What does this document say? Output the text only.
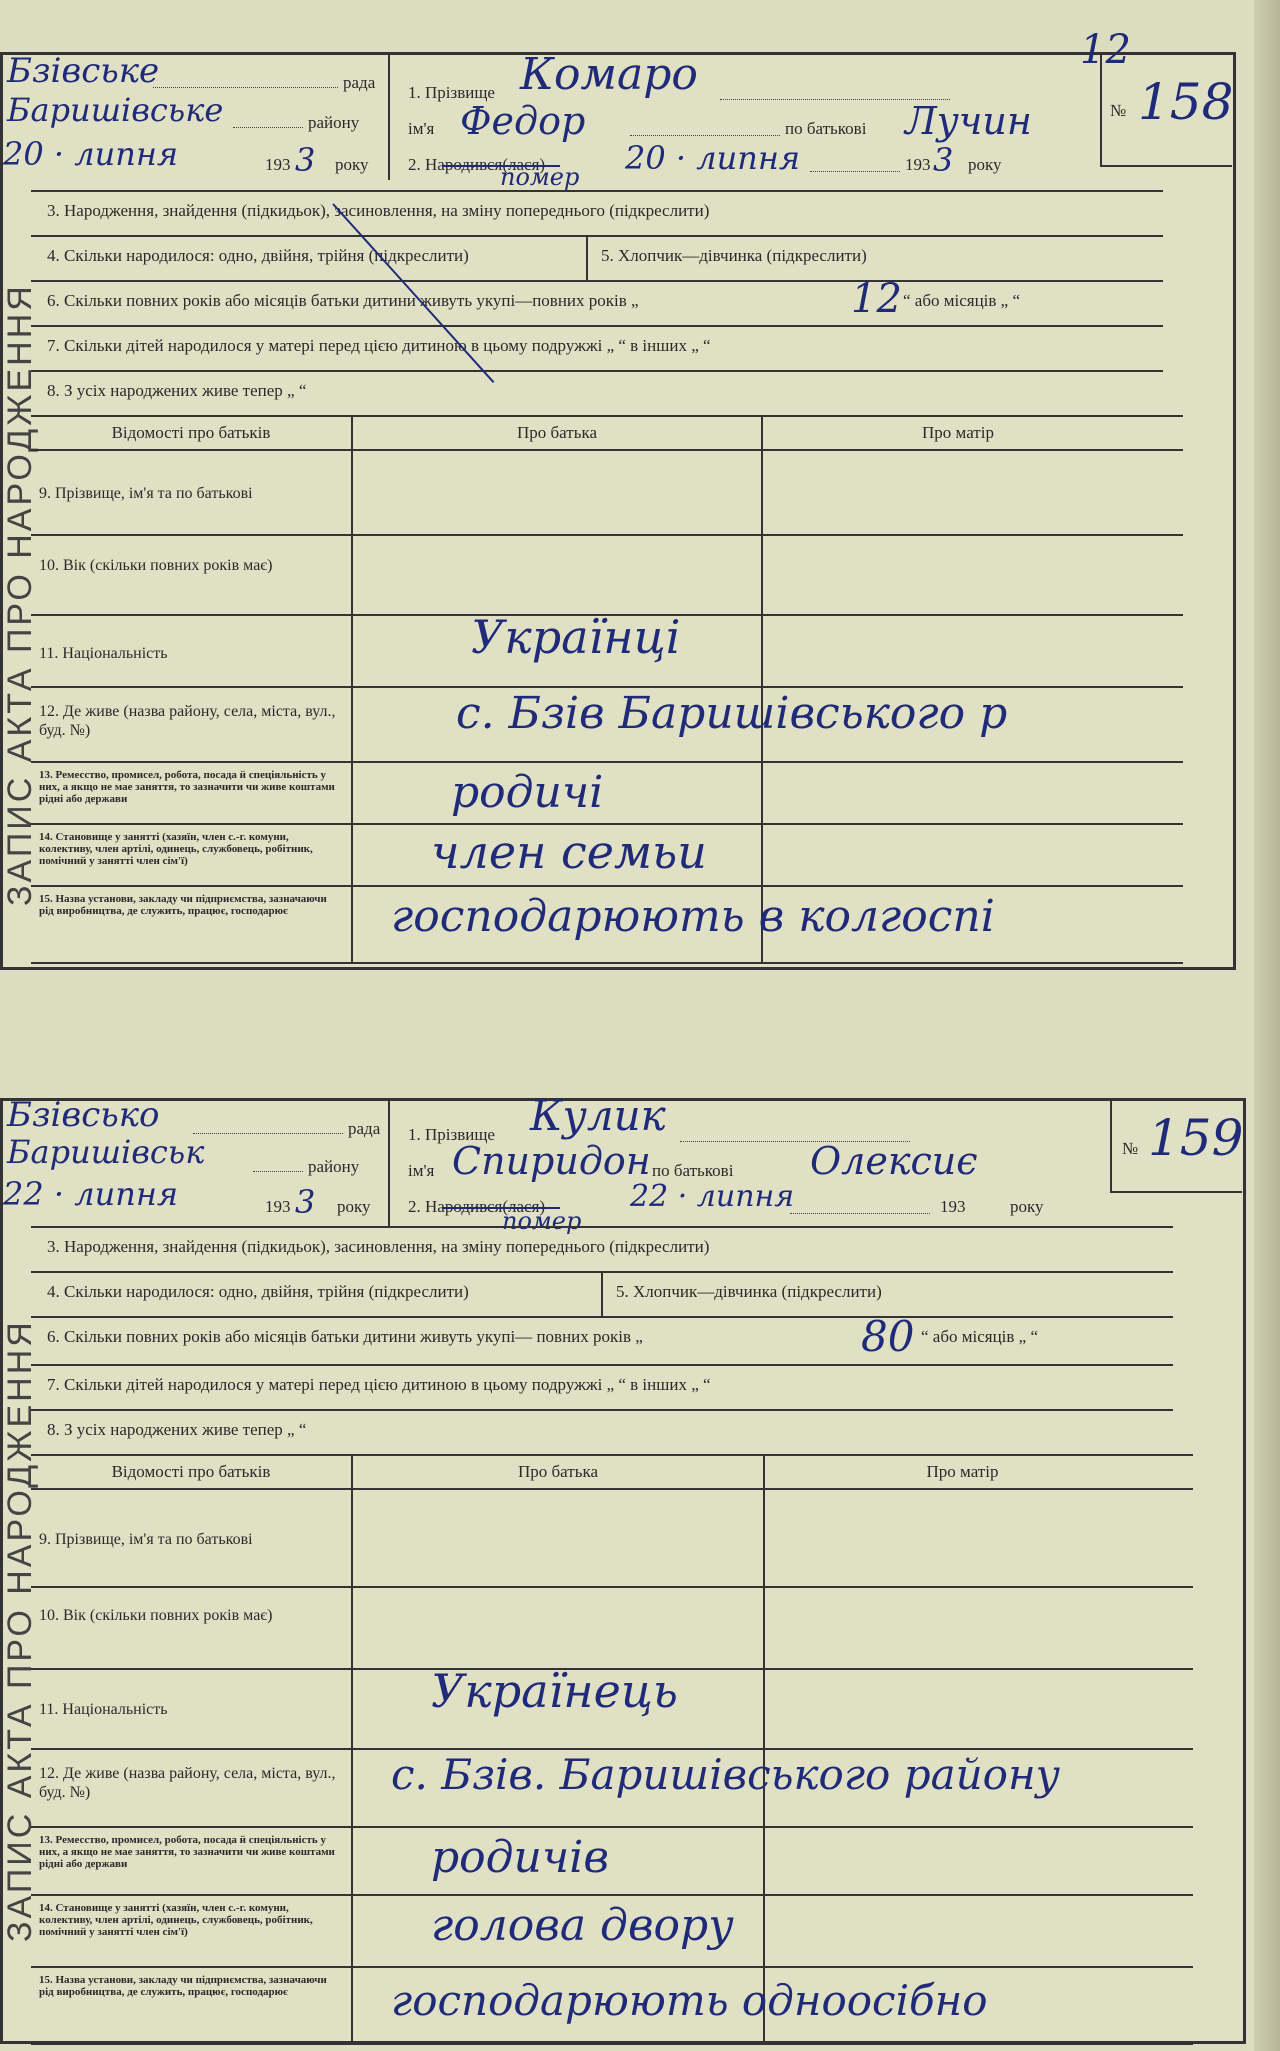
ЗАПИС АКТА ПРО НАРОДЖЕННЯ
Бзівське	рада
Баришівське	району
20 · липня	193 3 року
1. Прізвище Комаро
ім'я Федор	по батькові Лучин
2. Народився(лася)
помер 20 · липня	193 3 року
№ 158
12
3. Народження, знайдення (підкидьок), засиновлення, на зміну попереднього (підкреслити)
4. Скільки народилося: одно, двійня, трійня (підкреслити)	5. Хлопчик—дівчинка (підкреслити)
6. Скільки повних років або місяців батьки дитини живуть укупі—повних років „	12 “ або місяців „ “
7. Скільки дітей народилося у матері перед цією дитиною в цьому подружжі „ “ в інших „ “
8. З усіх народжених живе тепер „ “
Відомості про батьків	Про батька	Про матір
9. Прізвище, ім'я та по батькові
10. Вік (скільки повних років має)
11. Національність	Українці
12. Де живе (назва району, села, міста, вул., буд. №)	с. Бзів Баришівського р
13. Ремесство, промисел, робота, посада й спеціяльність у них, а якщо не мае заняття, то зазначити чи живе коштами рідні або держави	родичі
14. Становище у занятті (хазяїн, член с.-г. комуни, колективу, член артілі, одинець, службовець, робітник, помічний у занятті член сім'ї)	член семьи
15. Назва установи, закладу чи підприємства, зазначаючи рід виробництва, де служить, працює, господарює	господарюють в колгоспі
ЗАПИС АКТА ПРО НАРОДЖЕННЯ
Бзівсько	рада
Баришівськ	району
22 · липня	193 3 року
1. Прізвище Кулик
ім'я Спиридон по батькові Олексиє
2. Народився(лася)
помер
22 · липня	193	року
№ 159
3. Народження, знайдення (підкидьок), засиновлення, на зміну попереднього (підкреслити)
4. Скільки народилося: одно, двійня, трійня (підкреслити)	5. Хлопчик—дівчинка (підкреслити)
6. Скільки повних років або місяців батьки дитини живуть укупі— повних років „	80 “ або місяців „ “
7. Скільки дітей народилося у матері перед цією дитиною в цьому подружжі „ “ в інших „ “
8. З усіх народжених живе тепер „ “
Відомості про батьків	Про батька	Про матір
9. Прізвище, ім'я та по батькові
10. Вік (скільки повних років має)
11. Національність	Українець
12. Де живе (назва району, села, міста, вул., буд. №)	с. Бзів. Баришівського району
13. Ремесство, промисел, робота, посада й спеціяльність у них, а якщо не мае заняття, то зазначити чи живе коштами рідні або держави	родичів
14. Становище у занятті (хазяїн, член с.-г. комуни, колективу, член артілі, одинець, службовець, робітник, помічний у занятті член сім'ї)	голова двору
15. Назва установи, закладу чи підприємства, зазначаючи рід виробництва, де служить, працює, господарює	господарюють одноосібно
